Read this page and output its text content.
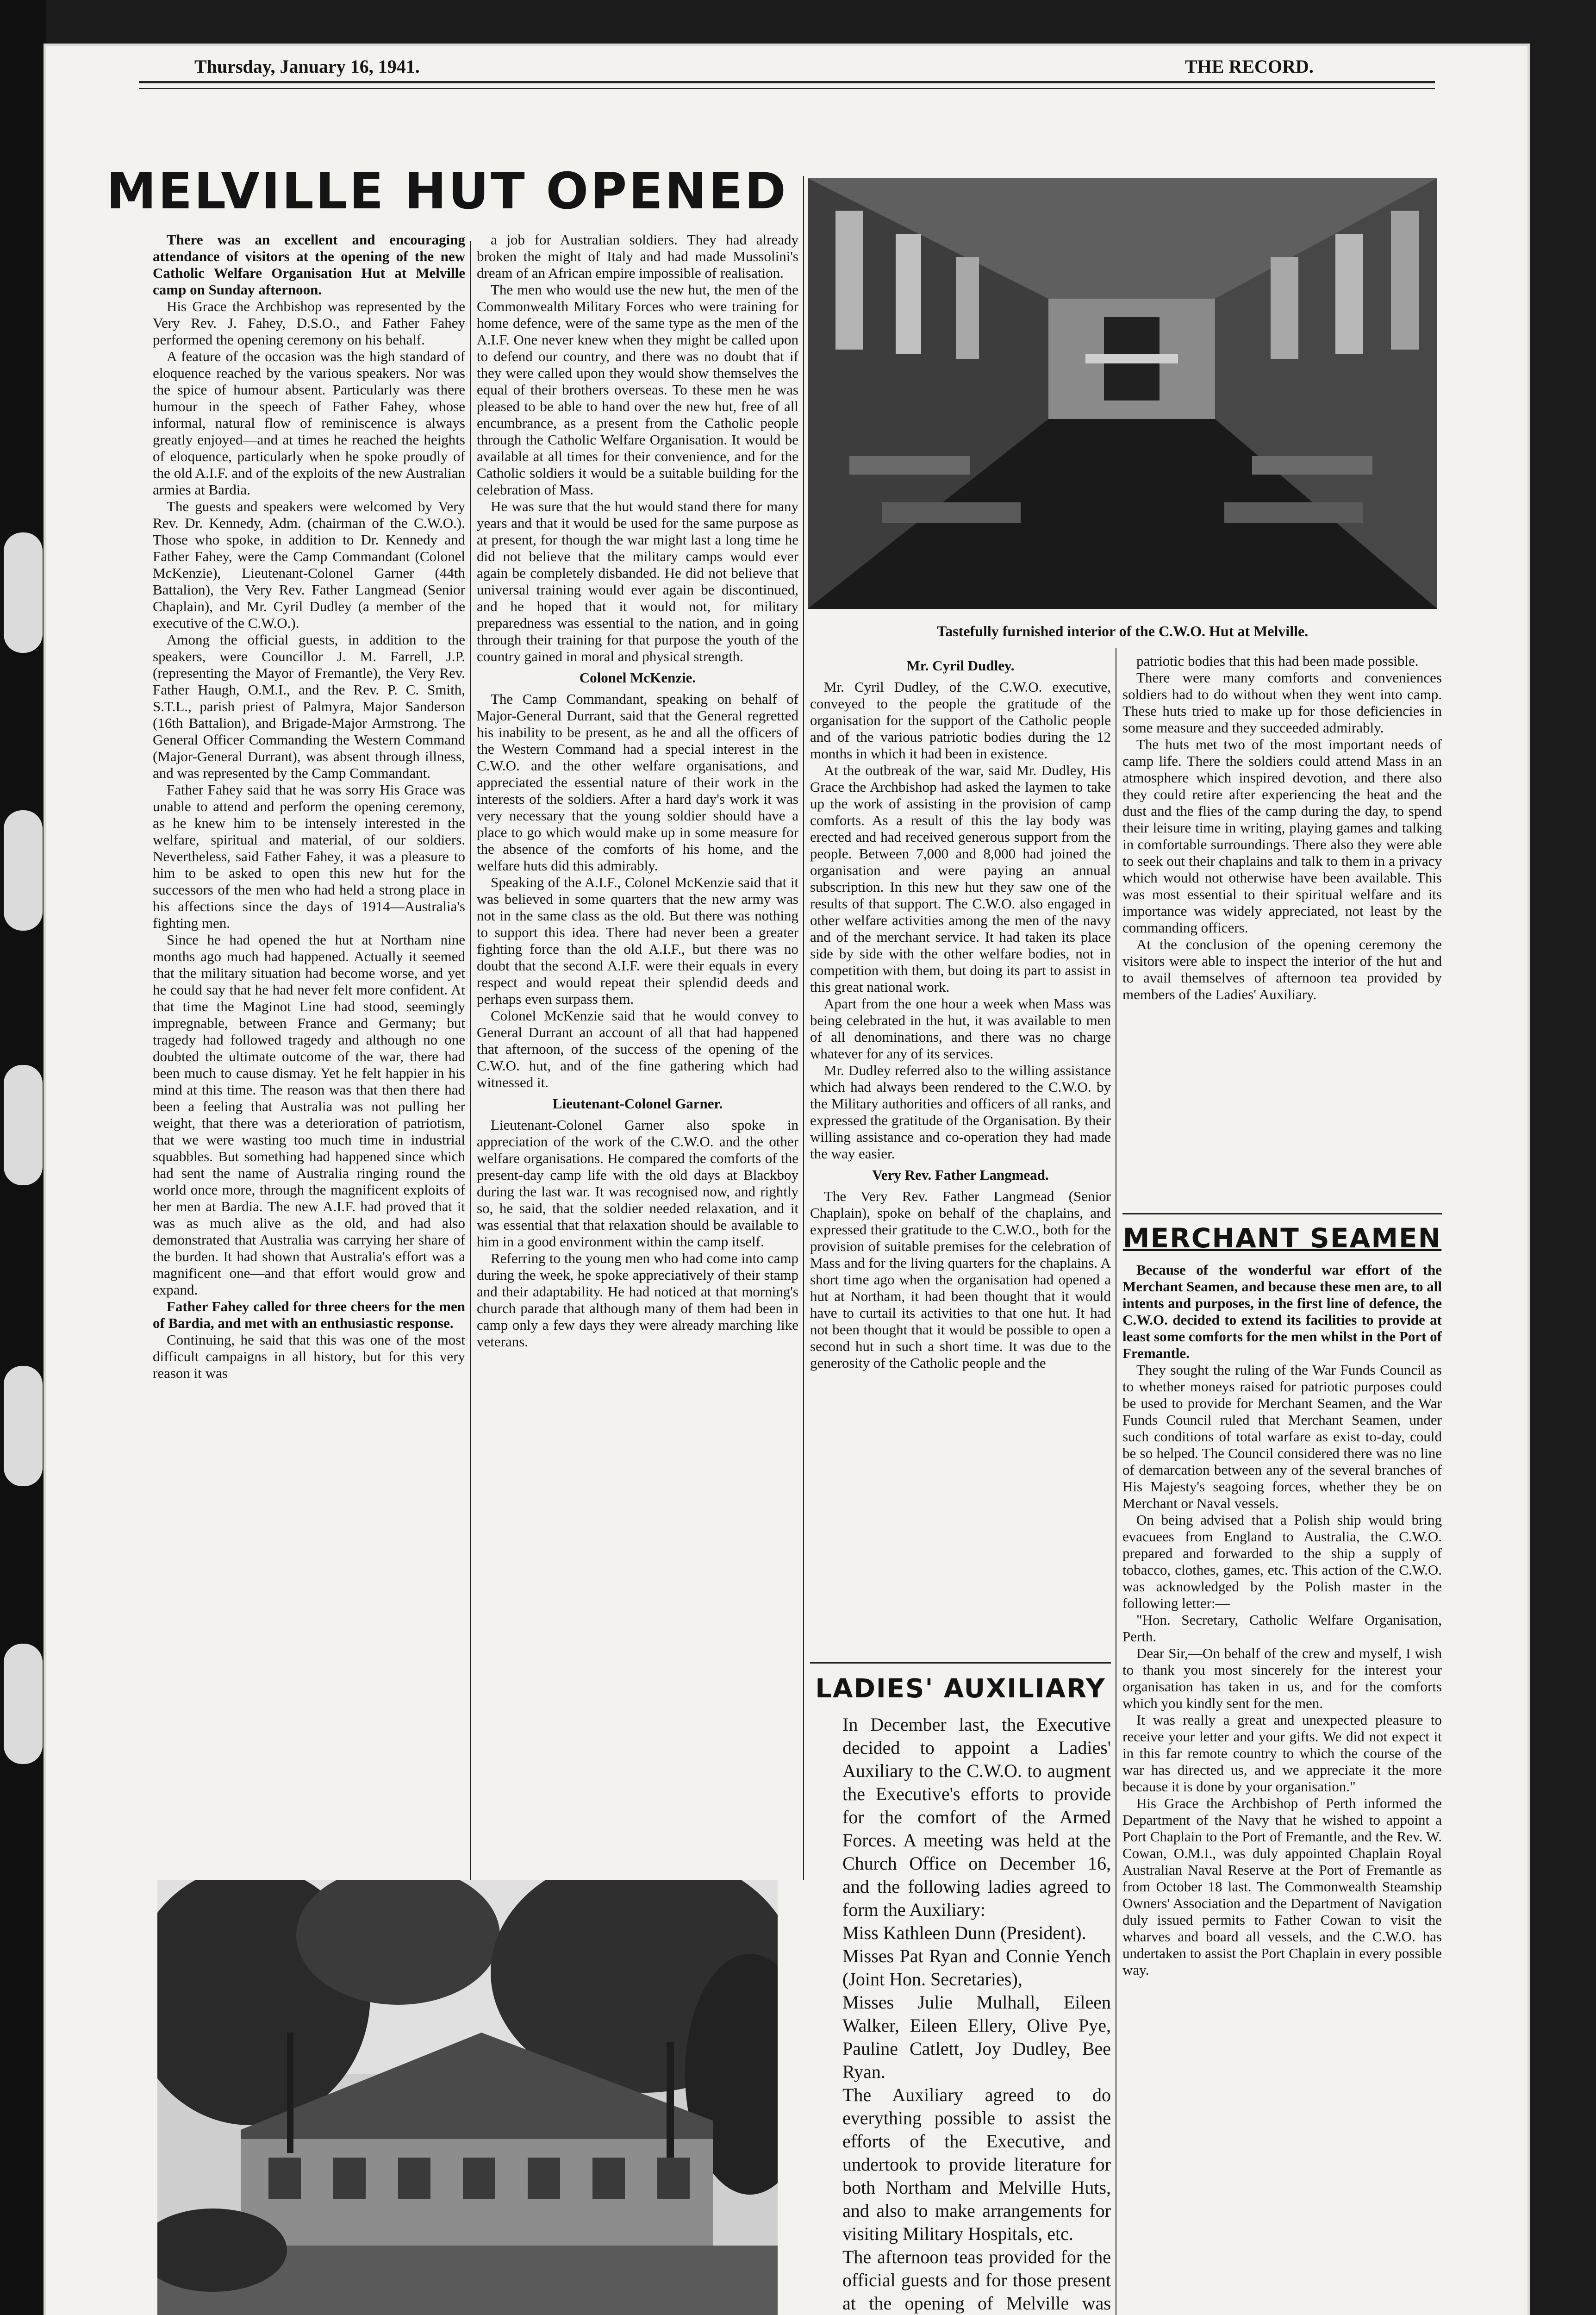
Thursday, January 16, 1941.	THE RECORD.
MELVILLE HUT OPENED
Tastefully furnished interior of the C.W.O. Hut at Melville.

There was an excellent and encouraging attendance of visitors at the opening of the new Catholic Welfare Organisation Hut at Melville camp on Sunday afternoon.

His Grace the Archbishop was represented by the Very Rev. J. Fahey, D.S.O., and Father Fahey performed the opening ceremony on his behalf.

A feature of the occasion was the high standard of eloquence reached by the various speakers. Nor was the spice of humour absent. Particularly was there humour in the speech of Father Fahey, whose informal, natural flow of reminiscence is always greatly enjoyed—and at times he reached the heights of eloquence, particularly when he spoke proudly of the old A.I.F. and of the exploits of the new Australian armies at Bardia.

The guests and speakers were welcomed by Very Rev. Dr. Kennedy, Adm. (chairman of the C.W.O.). Those who spoke, in addition to Dr. Kennedy and Father Fahey, were the Camp Commandant (Colonel McKenzie), Lieutenant-Colonel Garner (44th Battalion), the Very Rev. Father Langmead (Senior Chaplain), and Mr. Cyril Dudley (a member of the executive of the C.W.O.).

Among the official guests, in addition to the speakers, were Councillor J. M. Farrell, J.P. (representing the Mayor of Fremantle), the Very Rev. Father Haugh, O.M.I., and the Rev. P. C. Smith, S.T.L., parish priest of Palmyra, Major Sanderson (16th Battalion), and Brigade-Major Armstrong. The General Officer Commanding the Western Command (Major-General Durrant), was absent through illness, and was represented by the Camp Commandant.

Father Fahey said that he was sorry His Grace was unable to attend and perform the opening ceremony, as he knew him to be intensely interested in the welfare, spiritual and material, of our soldiers. Nevertheless, said Father Fahey, it was a pleasure to him to be asked to open this new hut for the successors of the men who had held a strong place in his affections since the days of 1914—Australia's fighting men.

Since he had opened the hut at Northam nine months ago much had happened. Actually it seemed that the military situation had become worse, and yet he could say that he had never felt more confident. At that time the Maginot Line had stood, seemingly impregnable, between France and Germany; but tragedy had followed tragedy and although no one doubted the ultimate outcome of the war, there had been much to cause dismay. Yet he felt happier in his mind at this time. The reason was that then there had been a feeling that Australia was not pulling her weight, that there was a deterioration of patriotism, that we were wasting too much time in industrial squabbles. But something had happened since which had sent the name of Australia ringing round the world once more, through the magnificent exploits of her men at Bardia. The new A.I.F. had proved that it was as much alive as the old, and had also demonstrated that Australia was carrying her share of the burden. It had shown that Australia's effort was a magnificent one—and that effort would grow and expand.

Father Fahey called for three cheers for the men of Bardia, and met with an enthusiastic response.

Continuing, he said that this was one of the most difficult campaigns in all history, but for this very reason it was

a job for Australian soldiers. They had already broken the might of Italy and had made Mussolini's dream of an African empire impossible of realisation.

The men who would use the new hut, the men of the Commonwealth Military Forces who were training for home defence, were of the same type as the men of the A.I.F. One never knew when they might be called upon to defend our country, and there was no doubt that if they were called upon they would show themselves the equal of their brothers overseas. To these men he was pleased to be able to hand over the new hut, free of all encumbrance, as a present from the Catholic people through the Catholic Welfare Organisation. It would be available at all times for their convenience, and for the Catholic soldiers it would be a suitable building for the celebration of Mass.

He was sure that the hut would stand there for many years and that it would be used for the same purpose as at present, for though the war might last a long time he did not believe that the military camps would ever again be completely disbanded. He did not believe that universal training would ever again be discontinued, and he hoped that it would not, for military preparedness was essential to the nation, and in going through their training for that purpose the youth of the country gained in moral and physical strength.

Colonel McKenzie.

The Camp Commandant, speaking on behalf of Major-General Durrant, said that the General regretted his inability to be present, as he and all the officers of the Western Command had a special interest in the C.W.O. and the other welfare organisations, and appreciated the essential nature of their work in the interests of the soldiers. After a hard day's work it was very necessary that the young soldier should have a place to go which would make up in some measure for the absence of the comforts of his home, and the welfare huts did this admirably.

Speaking of the A.I.F., Colonel McKenzie said that it was believed in some quarters that the new army was not in the same class as the old. But there was nothing to support this idea. There had never been a greater fighting force than the old A.I.F., but there was no doubt that the second A.I.F. were their equals in every respect and would repeat their splendid deeds and perhaps even surpass them.

Colonel McKenzie said that he would convey to General Durrant an account of all that had happened that afternoon, of the success of the opening of the C.W.O. hut, and of the fine gathering which had witnessed it.

Lieutenant-Colonel Garner.

Lieutenant-Colonel Garner also spoke in appreciation of the work of the C.W.O. and the other welfare organisations. He compared the comforts of the present-day camp life with the old days at Blackboy during the last war. It was recognised now, and rightly so, he said, that the soldier needed relaxation, and it was essential that that relaxation should be available to him in a good environment within the camp itself.

Referring to the young men who had come into camp during the week, he spoke appreciatively of their stamp and their adaptability. He had noticed at that morning's church parade that although many of them had been in camp only a few days they were already marching like veterans.

Mr. Cyril Dudley.

Mr. Cyril Dudley, of the C.W.O. executive, conveyed to the people the gratitude of the organisation for the support of the Catholic people and of the various patriotic bodies during the 12 months in which it had been in existence.

At the outbreak of the war, said Mr. Dudley, His Grace the Archbishop had asked the laymen to take up the work of assisting in the provision of camp comforts. As a result of this the lay body was erected and had received generous support from the people. Between 7,000 and 8,000 had joined the organisation and were paying an annual subscription. In this new hut they saw one of the results of that support. The C.W.O. also engaged in other welfare activities among the men of the navy and of the merchant service. It had taken its place side by side with the other welfare bodies, not in competition with them, but doing its part to assist in this great national work.

Apart from the one hour a week when Mass was being celebrated in the hut, it was available to men of all denominations, and there was no charge whatever for any of its services.

Mr. Dudley referred also to the willing assistance which had always been rendered to the C.W.O. by the Military authorities and officers of all ranks, and expressed the gratitude of the Organisation. By their willing assistance and co-operation they had made the way easier.

Very Rev. Father Langmead.

The Very Rev. Father Langmead (Senior Chaplain), spoke on behalf of the chaplains, and expressed their gratitude to the C.W.O., both for the provision of suitable premises for the celebration of Mass and for the living quarters for the chaplains. A short time ago when the organisation had opened a hut at Northam, it had been thought that it would have to curtail its activities to that one hut. It had not been thought that it would be possible to open a second hut in such a short time. It was due to the generosity of the Catholic people and the

patriotic bodies that this had been made possible.

There were many comforts and conveniences soldiers had to do without when they went into camp. These huts tried to make up for those deficiencies in some measure and they succeeded admirably.

The huts met two of the most important needs of camp life. There the soldiers could attend Mass in an atmosphere which inspired devotion, and there also they could retire after experiencing the heat and the dust and the flies of the camp during the day, to spend their leisure time in writing, playing games and talking in comfortable surroundings. There also they were able to seek out their chaplains and talk to them in a privacy which would not otherwise have been available. This was most essential to their spiritual welfare and its importance was widely appreciated, not least by the commanding officers.

At the conclusion of the opening ceremony the visitors were able to inspect the interior of the hut and to avail themselves of afternoon tea provided by members of the Ladies' Auxiliary.

LADIES' AUXILIARY

In December last, the Executive decided to appoint a Ladies' Auxiliary to the C.W.O. to augment the Executive's efforts to provide for the comfort of the Armed Forces. A meeting was held at the Church Office on December 16, and the following ladies agreed to form the Auxiliary:

Miss Kathleen Dunn (President).

Misses Pat Ryan and Connie Yench (Joint Hon. Secretaries),

Misses Julie Mulhall, Eileen Walker, Eileen Ellery, Olive Pye, Pauline Catlett, Joy Dudley, Bee Ryan.

The Auxiliary agreed to do everything possible to assist the efforts of the Executive, and undertook to provide literature for both Northam and Melville Huts, and also to make arrangements for visiting Military Hospitals, etc.

The afternoon teas provided for the official guests and for those present at the opening of Melville was

MERCHANT SEAMEN

Because of the wonderful war effort of the Merchant Seamen, and because these men are, to all intents and purposes, in the first line of defence, the C.W.O. decided to extend its facilities to provide at least some comforts for the men whilst in the Port of Fremantle.

They sought the ruling of the War Funds Council as to whether moneys raised for patriotic purposes could be used to provide for Merchant Seamen, and the War Funds Council ruled that Merchant Seamen, under such conditions of total warfare as exist to-day, could be so helped. The Council considered there was no line of demarcation between any of the several branches of His Majesty's seagoing forces, whether they be on Merchant or Naval vessels.

On being advised that a Polish ship would bring evacuees from England to Australia, the C.W.O. prepared and forwarded to the ship a supply of tobacco, clothes, games, etc. This action of the C.W.O. was acknowledged by the Polish master in the following letter:—

"Hon. Secretary, Catholic Welfare Organisation, Perth.

Dear Sir,—On behalf of the crew and myself, I wish to thank you most sincerely for the interest your organisation has taken in us, and for the comforts which you kindly sent for the men.

It was really a great and unexpected pleasure to receive your letter and your gifts. We did not expect it in this far remote country to which the course of the war has directed us, and we appreciate it the more because it is done by your organisation."

His Grace the Archbishop of Perth informed the Department of the Navy that he wished to appoint a Port Chaplain to the Port of Fremantle, and the Rev. W. Cowan, O.M.I., was duly appointed Chaplain Royal Australian Naval Reserve at the Port of Fremantle as from October 18 last. The Commonwealth Steamship Owners' Association and the Department of Navigation duly issued permits to Father Cowan to visit the wharves and board all vessels, and the C.W.O. has undertaken to assist the Port Chaplain in every possible way.
